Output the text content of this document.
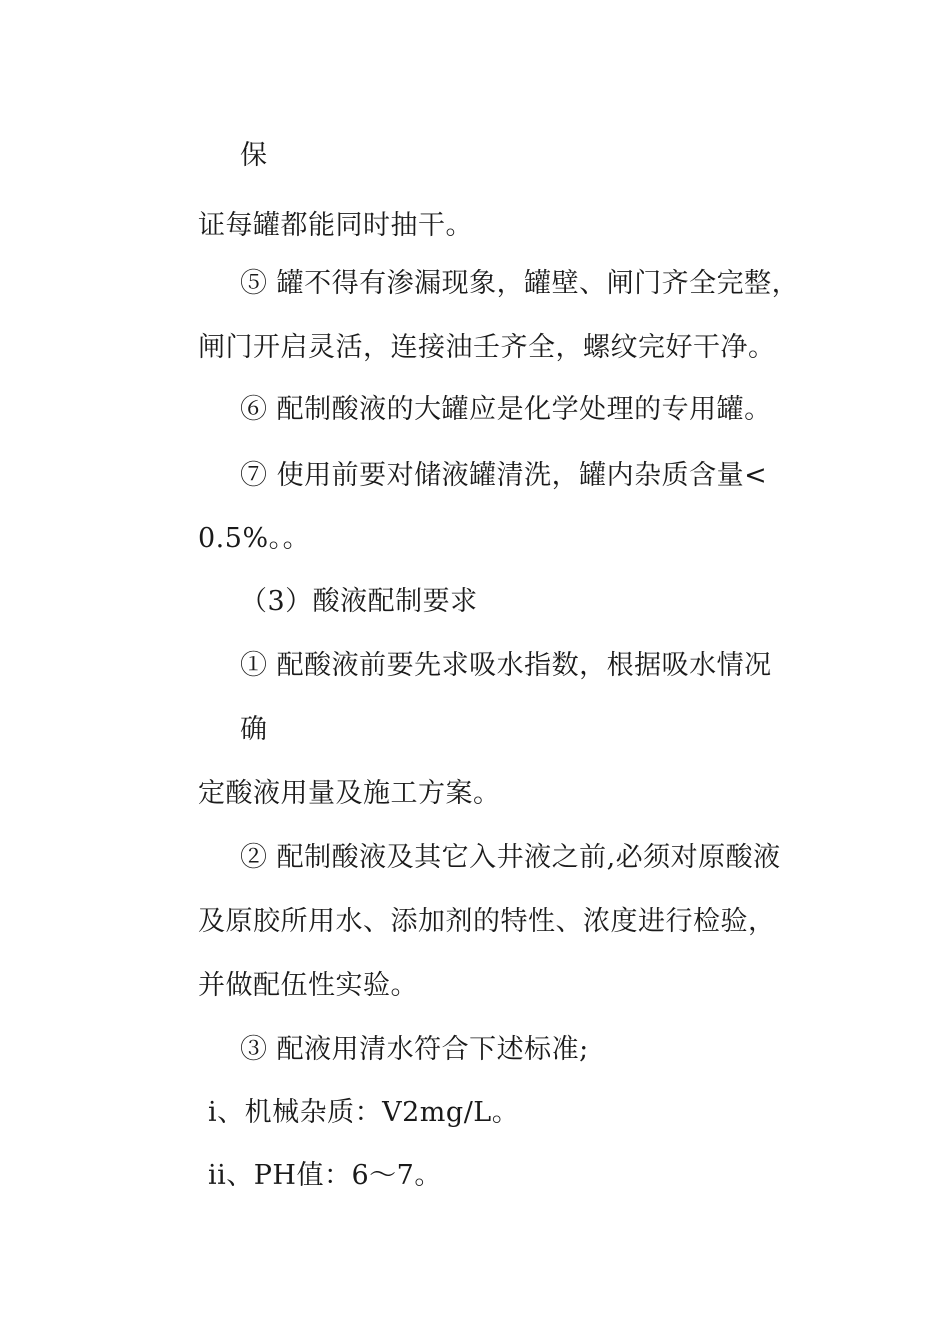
保
证每罐都能同时抽干。
⑤ 罐不得有渗漏现象，罐壁、闸门齐全完整，
闸门开启灵活，连接油壬齐全，螺纹完好干净。
⑥ 配制酸液的大罐应是化学处理的专用罐。
⑦ 使用前要对储液罐清洗，罐内杂质含量<
0.5%。。
（3）酸液配制要求
① 配酸液前要先求吸水指数，根据吸水情况
确
定酸液用量及施工方案。
② 配制酸液及其它入井液之前,必须对原酸液
及原胶所用水、添加剂的特性、浓度进行检验，
并做配伍性实验。
③ 配液用清水符合下述标准;
i、机械杂质：V2mg/L。
ii、PH值：6〜7。
